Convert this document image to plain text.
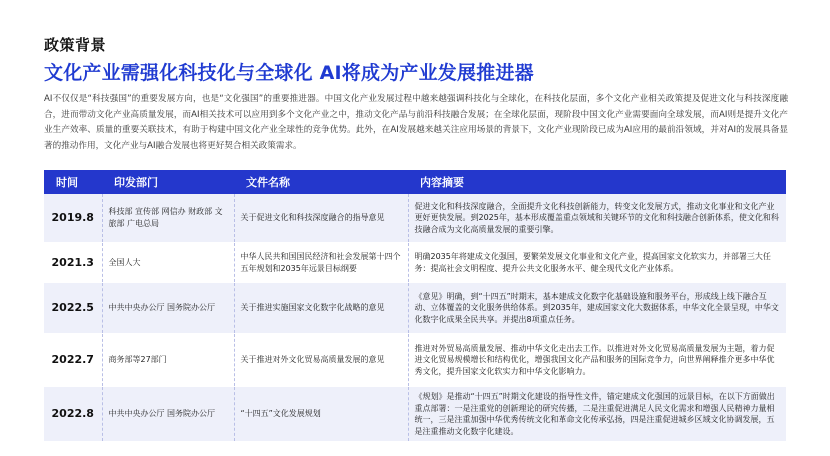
政策背景
文化产业需强化科技化与全球化 AI将成为产业发展推进器
AI不仅仅是“科技强国”的重要发展方向，也是“文化强国”的重要推进器。中国文化产业发展过程中越来越强调科技化与全球化，在科技化层面，多个文化产业相关政策提及促进文化与科技深度融合，进而带动文化产业高质量发展，而AI相关技术可以应用到多个文化产业之中，推动文化产品与前沿科技融合发展；在全球化层面，现阶段中国文化产业需要面向全球发展，而AI则是提升文化产业生产效率、质量的重要关联技术，有助于构建中国文化产业全球性的竞争优势。此外，在AI发展越来越关注应用场景的背景下，文化产业现阶段已成为AI应用的最前沿领域，并对AI的发展具备显著的推动作用，文化产业与AI融合发展也将更好契合相关政策需求。
时间	印发部门	文件名称	内容摘要
2019.8	科技部 宣传部 网信办 财政部 文旅部 广电总局	关于促进文化和科技深度融合的指导意见	促进文化和科技深度融合，全面提升文化科技创新能力，转变文化发展方式，推动文化事业和文化产业更好更快发展。到2025年，基本形成覆盖重点领域和关键环节的文化和科技融合创新体系，使文化和科技融合成为文化高质量发展的重要引擎。
2021.3	全国人大	中华人民共和国国民经济和社会发展第十四个五年规划和2035年远景目标纲要	明确2035年将建成文化强国，要繁荣发展文化事业和文化产业，提高国家文化软实力，并部署三大任务：提高社会文明程度、提升公共文化服务水平、健全现代文化产业体系。
2022.5	中共中央办公厅 国务院办公厅	关于推进实施国家文化数字化战略的意见	《意见》明确，到“十四五”时期末，基本建成文化数字化基础设施和服务平台，形成线上线下融合互动、立体覆盖的文化服务供给体系。到2035年，建成国家文化大数据体系，中华文化全景呈现，中华文化数字化成果全民共享。并提出8项重点任务。
2022.7	商务部等27部门	关于推进对外文化贸易高质量发展的意见	推进对外贸易高质量发展、推动中华文化走出去工作。以推进对外文化贸易高质量发展为主题，着力促进文化贸易规模增长和结构优化，增强我国文化产品和服务的国际竞争力，向世界阐释推介更多中华优秀文化，提升国家文化软实力和中华文化影响力。
2022.8	中共中央办公厅 国务院办公厅	“十四五”文化发展规划	《规划》是推动“十四五”时期文化建设的指导性文件，锚定建成文化强国的远景目标，在以下方面做出重点部署：一是注重党的创新理论的研究传播，二是注重促进满足人民文化需求和增强人民精神力量相统一，三是注重加强中华优秀传统文化和革命文化传承弘扬，四是注重促进城乡区域文化协调发展，五是注重推动文化数字化建设。
